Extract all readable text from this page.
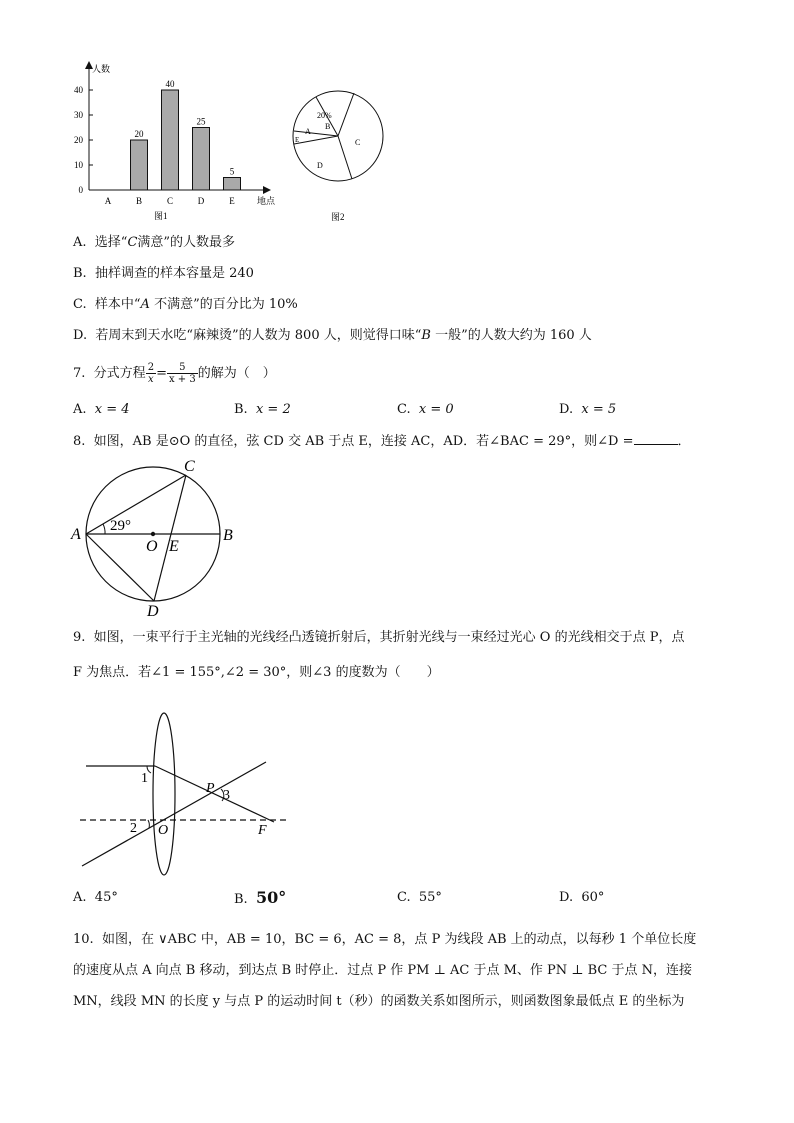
0
10
20
30
40
A
20
B
40
C
25
D
5
E
人数
地点
图1
20%
A
B
C
D
E
图2
A. 选择“C满意”的人数最多
B. 抽样调查的样本容量是 240
C. 样本中“A 不满意”的百分比为 10%
D. 若周末到天水吃“麻辣烫”的人数为 800 人，则觉得口味“B 一般”的人数大约为 160 人
7. 分式方程 $\frac{2}{x} = \frac{5}{x + 3}$ 的解为（　）
A. x = 4	B. x = 2	C. x = 0	D. x = 5
8. 如图，AB 是⊙O 的直径，弦 CD 交 AB 于点 E，连接 AC，AD．若∠BAC = 29°，则∠D =	．
A	B
C
D
E
O
29°
9. 如图，一束平行于主光轴的光线经凸透镜折射后，其折射光线与一束经过光心 O 的光线相交于点 P，点
F 为焦点．若∠1 = 155°,∠2 = 30°，则∠3 的度数为（　　）
1
2
3
O
P
F
A. 45°	B. 50°	C. 55°	D. 60°
10. 如图，在 ∨ABC 中，AB = 10，BC = 6，AC = 8，点 P 为线段 AB 上的动点，以每秒 1 个单位长度
的速度从点 A 向点 B 移动，到达点 B 时停止．过点 P 作 PM ⊥ AC 于点 M、作 PN ⊥ BC 于点 N，连接
MN，线段 MN 的长度 y 与点 P 的运动时间 t（秒）的函数关系如图所示，则函数图象最低点 E 的坐标为
